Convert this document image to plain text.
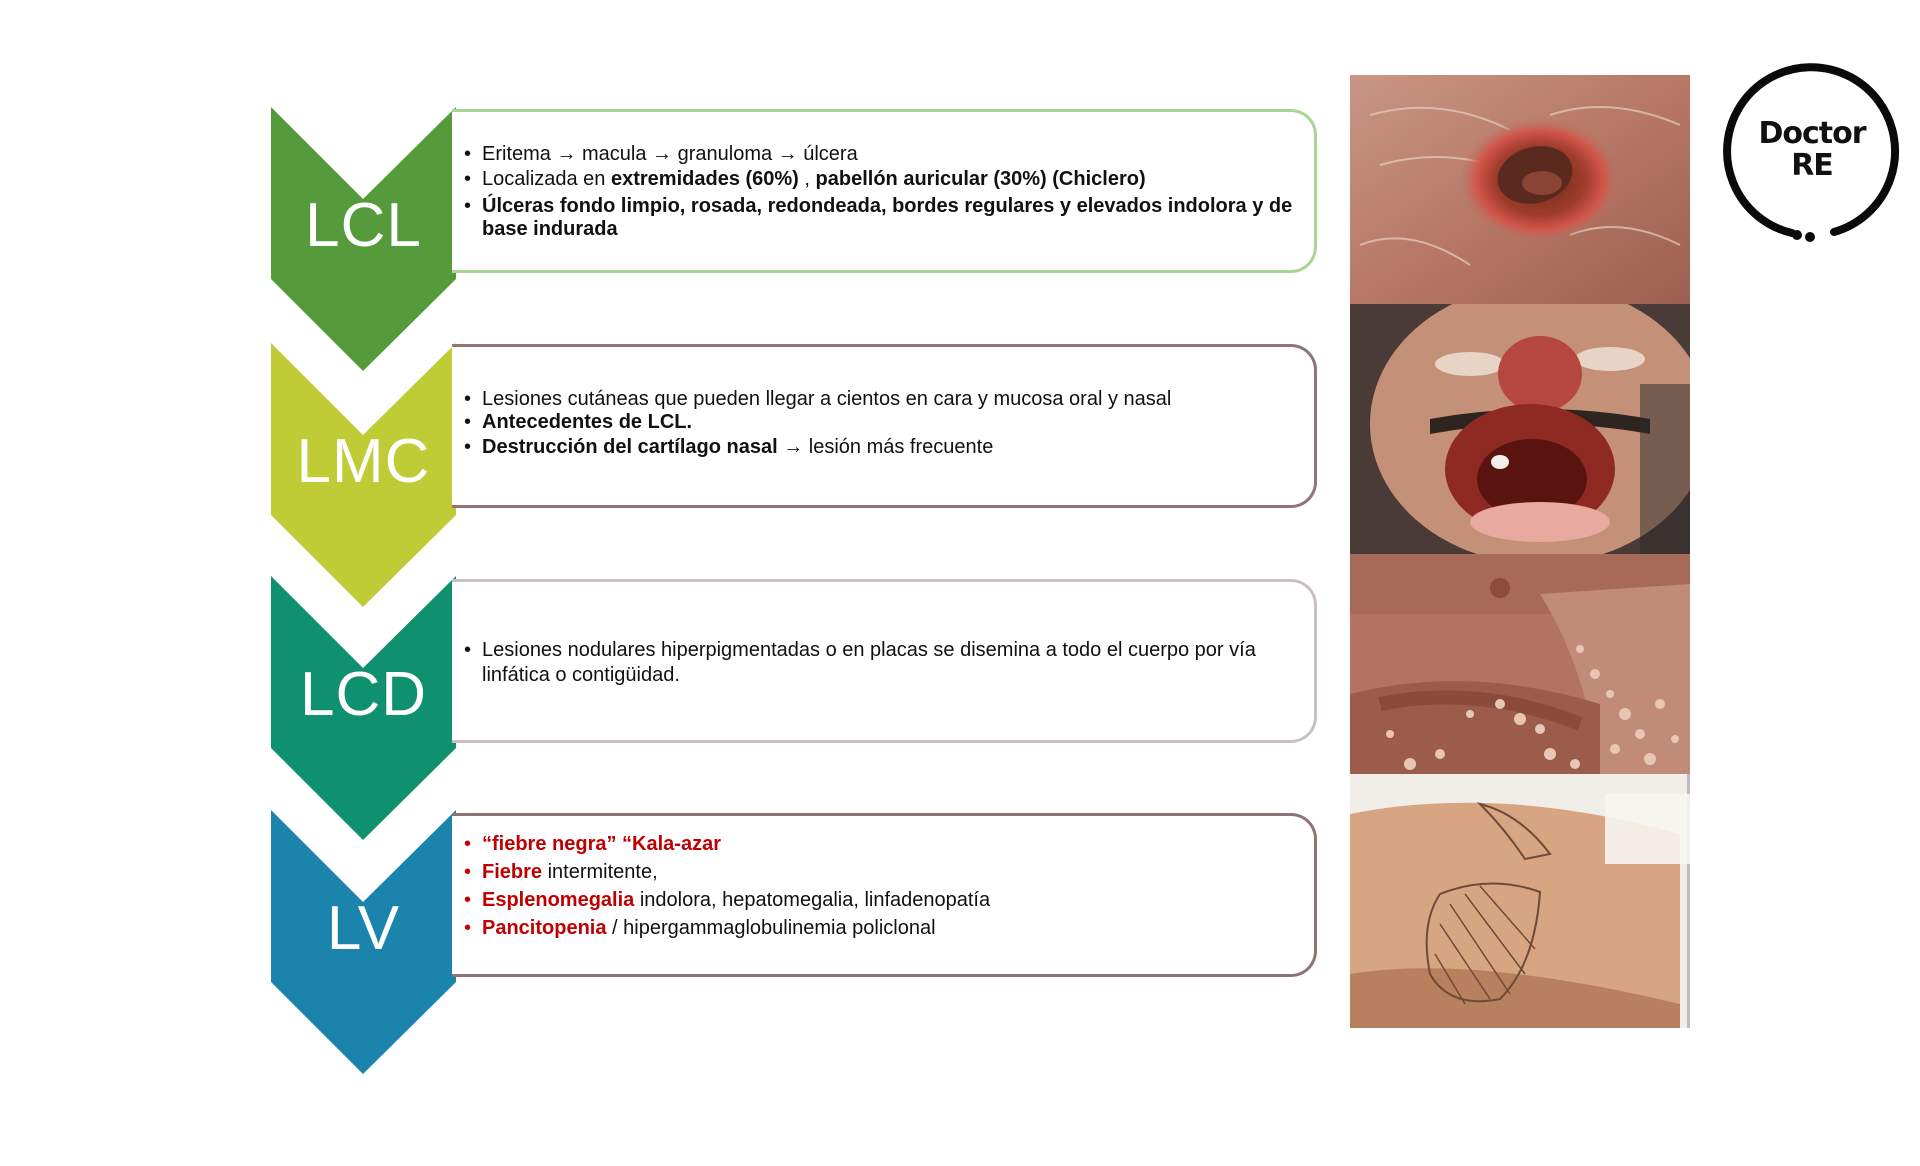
LCL
• Eritema → macula → granuloma → úlcera
• Localizada en extremidades (60%) , pabellón auricular (30%) (Chiclero)
• Úlceras fondo limpio, rosada, redondeada, bordes regulares y elevados indolora y de base indurada
LMC
• Lesiones cutáneas que pueden llegar a cientos en cara y mucosa oral y nasal
• Antecedentes de LCL.
• Destrucción del cartílago nasal → lesión más frecuente
LCD
• Lesiones nodulares hiperpigmentadas o en placas se disemina a todo el cuerpo por vía linfática o contigüidad.
LV
• “fiebre negra” “Kala-azar
• Fiebre intermitente,
• Esplenomegalia indolora, hepatomegalia, linfadenopatía
• Pancitopenia / hipergammaglobulinemia policlonal
Doctor
RE
